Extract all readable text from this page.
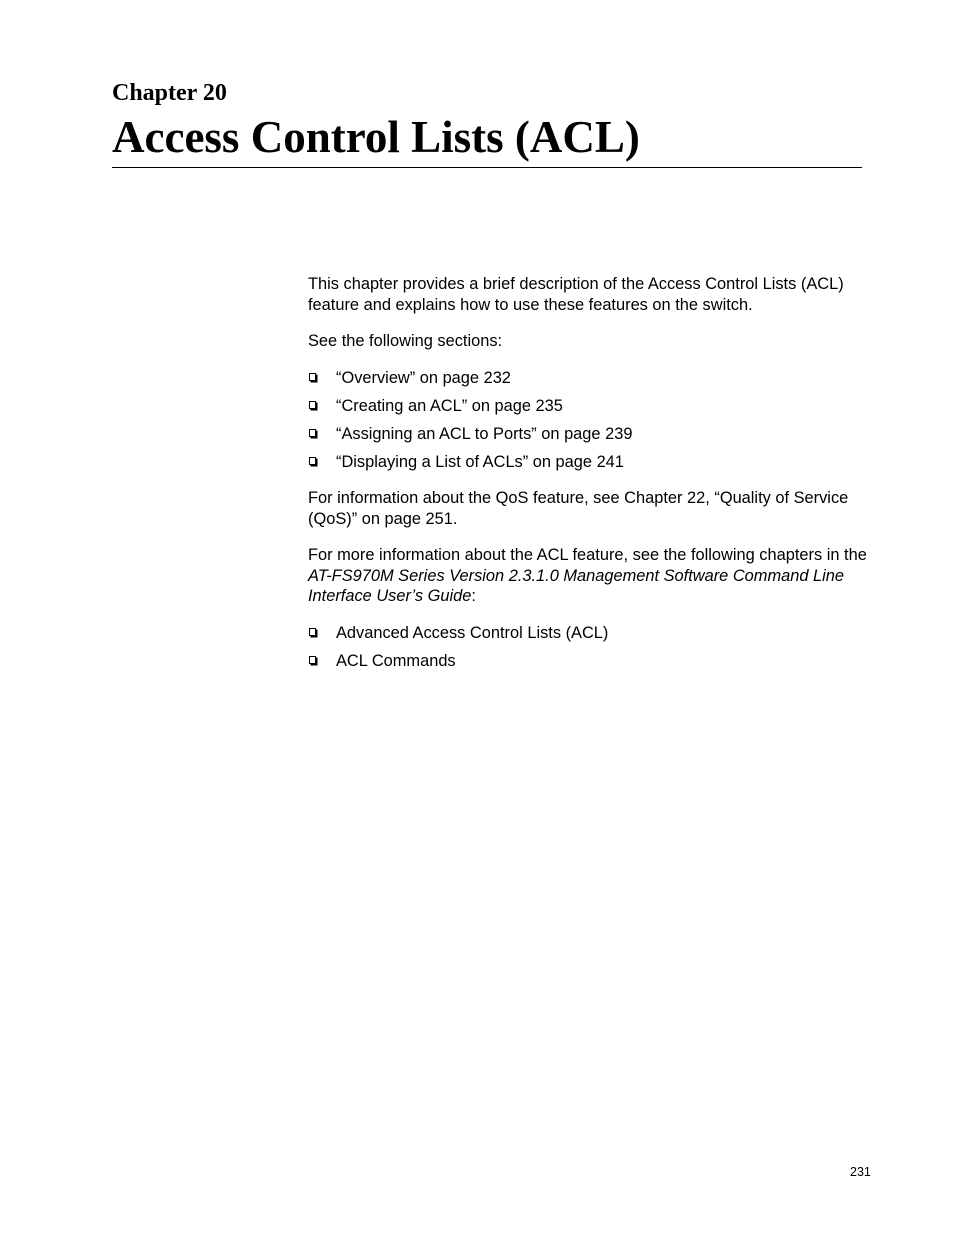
Chapter 20
Access Control Lists (ACL)

This chapter provides a brief description of the Access Control Lists (ACL) feature and explains how to use these features on the switch.

See the following sections:

“Overview” on page 232
“Creating an ACL” on page 235
“Assigning an ACL to Ports” on page 239
“Displaying a List of ACLs” on page 241

For information about the QoS feature, see Chapter 22, “Quality of Service (QoS)” on page 251.

For more information about the ACL feature, see the following chapters in the AT-FS970M Series Version 2.3.1.0 Management Software Command Line Interface User’s Guide:

Advanced Access Control Lists (ACL)
ACL Commands
231
